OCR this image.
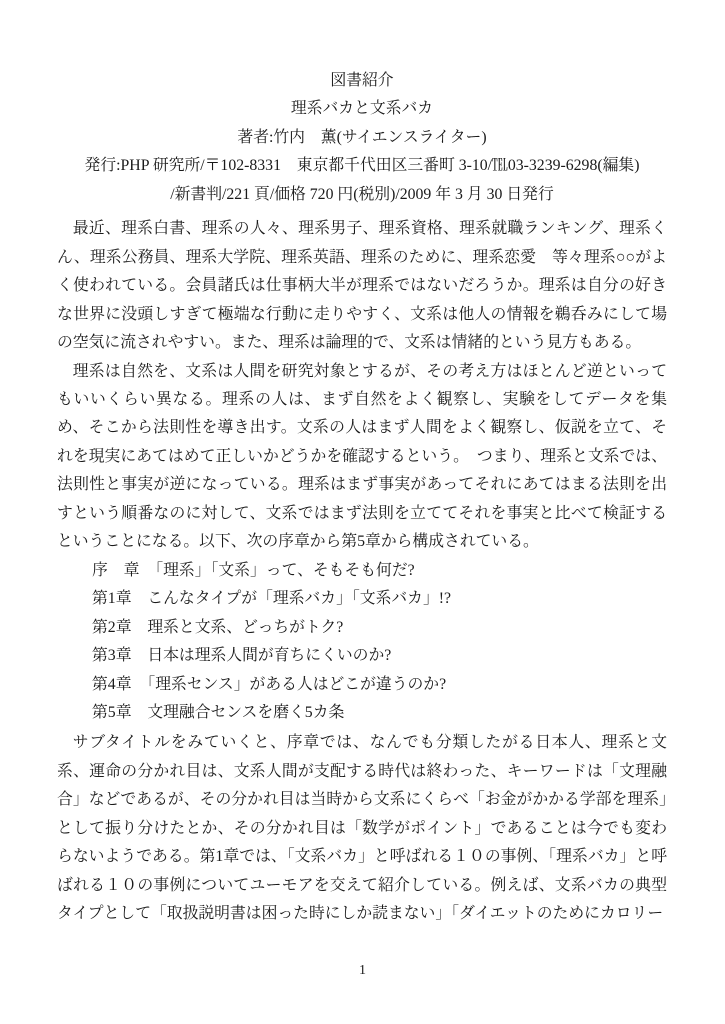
図書紹介
理系バカと文系バカ
著者:竹内　薫(サイエンスライター)
発行:PHP 研究所/〒102-8331　東京都千代田区三番町 3-10/℡03-3239-6298(編集)
/新書判/221 頁/価格 720 円(税別)/2009 年 3 月 30 日発行

最近、理系白書、理系の人々、理系男子、理系資格、理系就職ランキング、理系くん、理系公務員、理系大学院、理系英語、理系のために、理系恋愛　等々理系○○がよく使われている。会員諸氏は仕事柄大半が理系ではないだろうか。理系は自分の好きな世界に没頭しすぎて極端な行動に走りやすく、文系は他人の情報を鵜呑みにして場の空気に流されやすい。また、理系は論理的で、文系は情緒的という見方もある。

理系は自然を、文系は人間を研究対象とするが、その考え方はほとんど逆といってもいいくらい異なる。理系の人は、まず自然をよく観察し、実験をしてデータを集め、そこから法則性を導き出す。文系の人はまず人間をよく観察し、仮説を立て、それを現実にあてはめて正しいかどうかを確認するという。　つまり、理系と文系では、法則性と事実が逆になっている。理系はまず事実があってそれにあてはまる法則を出すという順番なのに対して、文系ではまず法則を立ててそれを事実と比べて検証するということになる。以下、次の序章から第5章から構成されている。

序　章　 「理系」「文系」って、そもそも何だ?
第1章　 こんなタイプが「理系バカ」「文系バカ」!?
第2章　 理系と文系、どっちがトク?
第3章　 日本は理系人間が育ちにくいのか?
第4章　 「理系センス」がある人はどこが違うのか?
第5章　 文理融合センスを磨く5カ条

サブタイトルをみていくと、序章では、なんでも分類したがる日本人、理系と文系、運命の分かれ目は、文系人間が支配する時代は終わった、キーワードは「文理融合」などであるが、その分かれ目は当時から文系にくらべ「お金がかかる学部を理系」として振り分けたとか、その分かれ目は「数学がポイント」であることは今でも変わらないようである。第1章では、「文系バカ」と呼ばれる１０の事例、「理系バカ」と呼ばれる１０の事例についてユーモアを交えて紹介している。例えば、文系バカの典型タイプとして「取扱説明書は困った時にしか読まない」「ダイエットのためにカロリー

1
